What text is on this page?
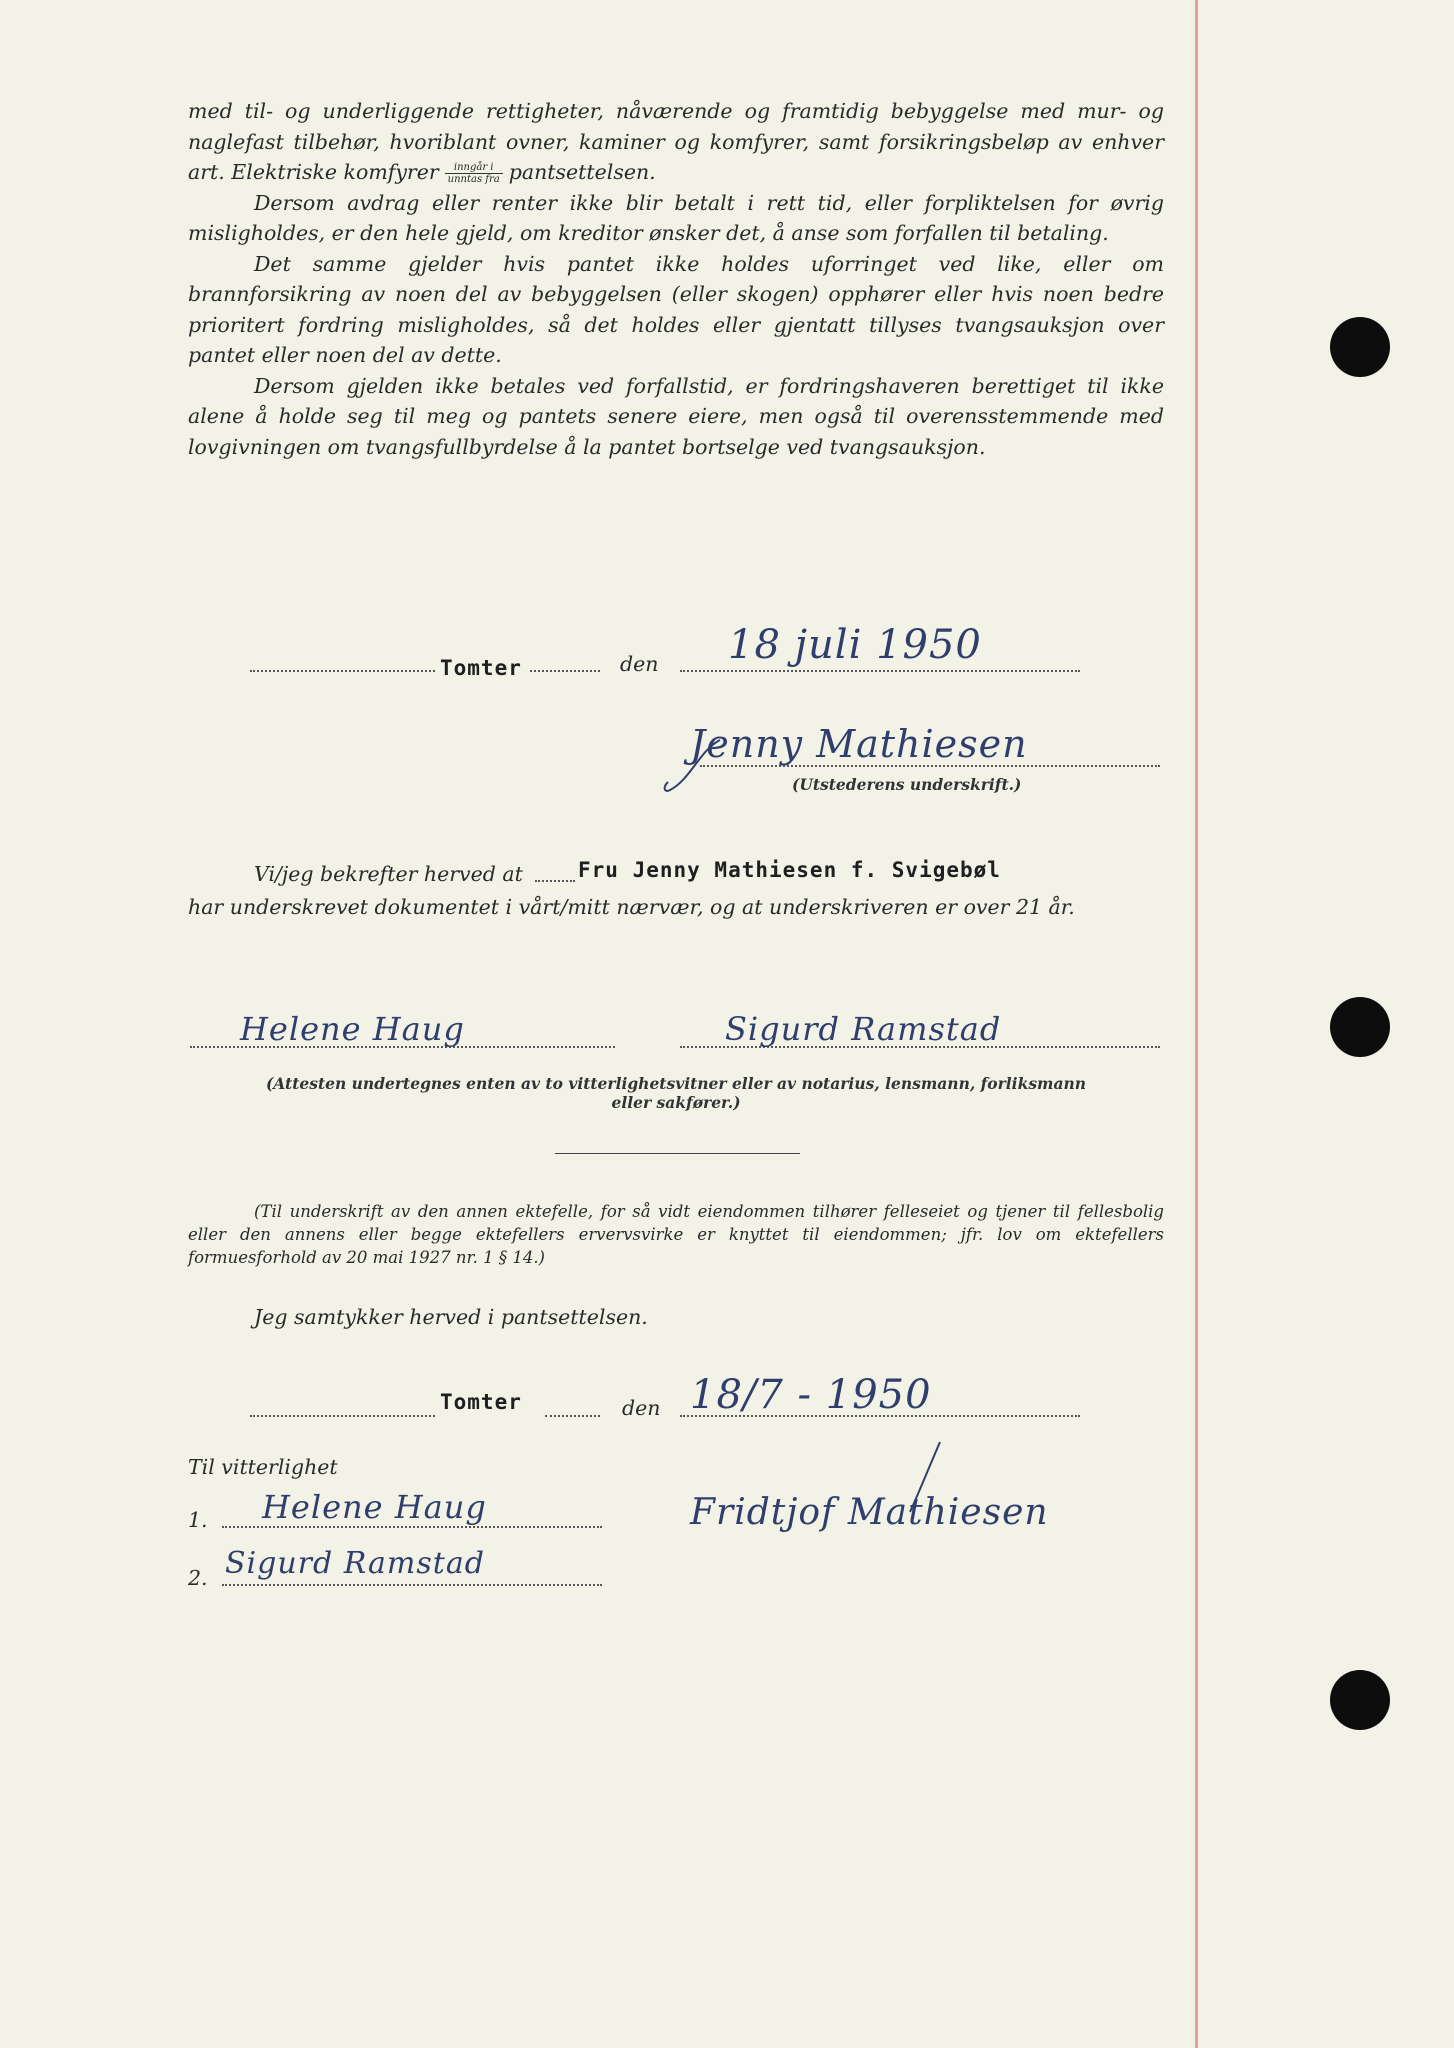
med til- og underliggende rettigheter, nåværende og framtidig bebyggelse med mur- og naglefast tilbehør, hvoriblant ovner, kaminer og komfyrer, samt forsikringsbeløp av enhver art. Elektriske komfyrer $\frac{\text{inngår i}}{\text{unntas fra}}$ pantsettelsen.

Dersom avdrag eller renter ikke blir betalt i rett tid, eller forpliktelsen for øvrig misligholdes, er den hele gjeld, om kreditor ønsker det, å anse som forfallen til betaling.

Det samme gjelder hvis pantet ikke holdes uforringet ved like, eller om brannforsikring av noen del av bebyggelsen (eller skogen) opphører eller hvis noen bedre prioritert fordring misligholdes, så det holdes eller gjentatt tillyses tvangsauksjon over pantet eller noen del av dette.

Dersom gjelden ikke betales ved forfallstid, er fordringshaveren berettiget til ikke alene å holde seg til meg og pantets senere eiere, men også til overensstemmende med lovgivningen om tvangsfullbyrdelse å la pantet bortselge ved tvangsauksjon.

Tomter	den 18 juli 1950
Jenny Mathiesen
(Utstederens underskrift.)
Vi/jeg bekrefter herved at	Fru Jenny Mathiesen f. Svigebøl
har underskrevet dokumentet i vårt/mitt nærvær, og at underskriveren er over 21 år.
Helene Haug	Sigurd Ramstad
(Attesten undertegnes enten av to vitterlighetsvitner eller av notarius, lensmann, forliksmann
eller sakfører.)

(Til underskrift av den annen ektefelle, for så vidt eiendommen tilhører felleseiet og tjener til fellesbolig eller den annens eller begge ektefellers ervervsvirke er knyttet til eiendommen; jfr. lov om ektefellers formuesforhold av 20 mai 1927 nr. 1 § 14.)

Jeg samtykker herved i pantsettelsen.
Tomter	den 18/7 - 1950
Til vitterlighet
1. Helene Haug
2. Sigurd Ramstad
Fridtjof Mathiesen
